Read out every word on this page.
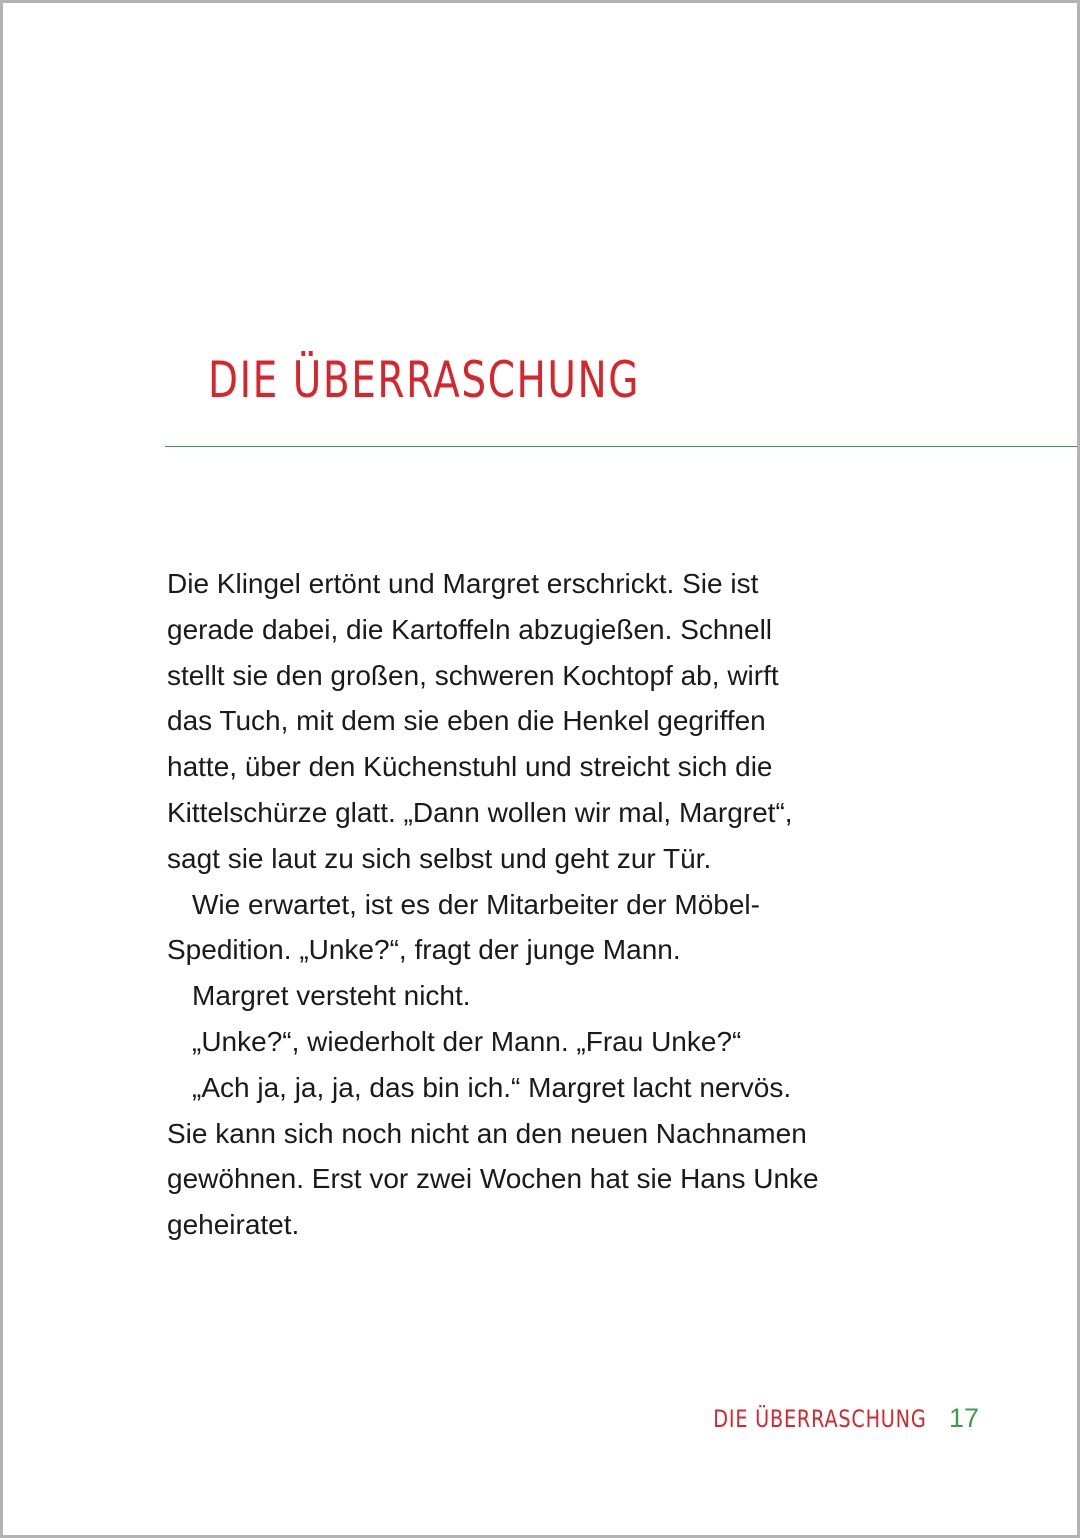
DIE ÜBERRASCHUNG
Die Klingel ertönt und Margret erschrickt. Sie ist
gerade dabei, die Kartoffeln abzugießen. Schnell
stellt sie den großen, schweren Kochtopf ab, wirft
das Tuch, mit dem sie eben die Henkel gegriffen
hatte, über den Küchenstuhl und streicht sich die
Kittelschürze glatt. „Dann wollen wir mal, Margret“,
sagt sie laut zu sich selbst und geht zur Tür.
Wie erwartet, ist es der Mitarbeiter der Möbel-
Spedition. „Unke?“, fragt der junge Mann.
Margret versteht nicht.
„Unke?“, wiederholt der Mann. „Frau Unke?“
„Ach ja, ja, ja, das bin ich.“ Margret lacht nervös.
Sie kann sich noch nicht an den neuen Nachnamen
gewöhnen. Erst vor zwei Wochen hat sie Hans Unke
geheiratet.
DIE ÜBERRASCHUNG 17
